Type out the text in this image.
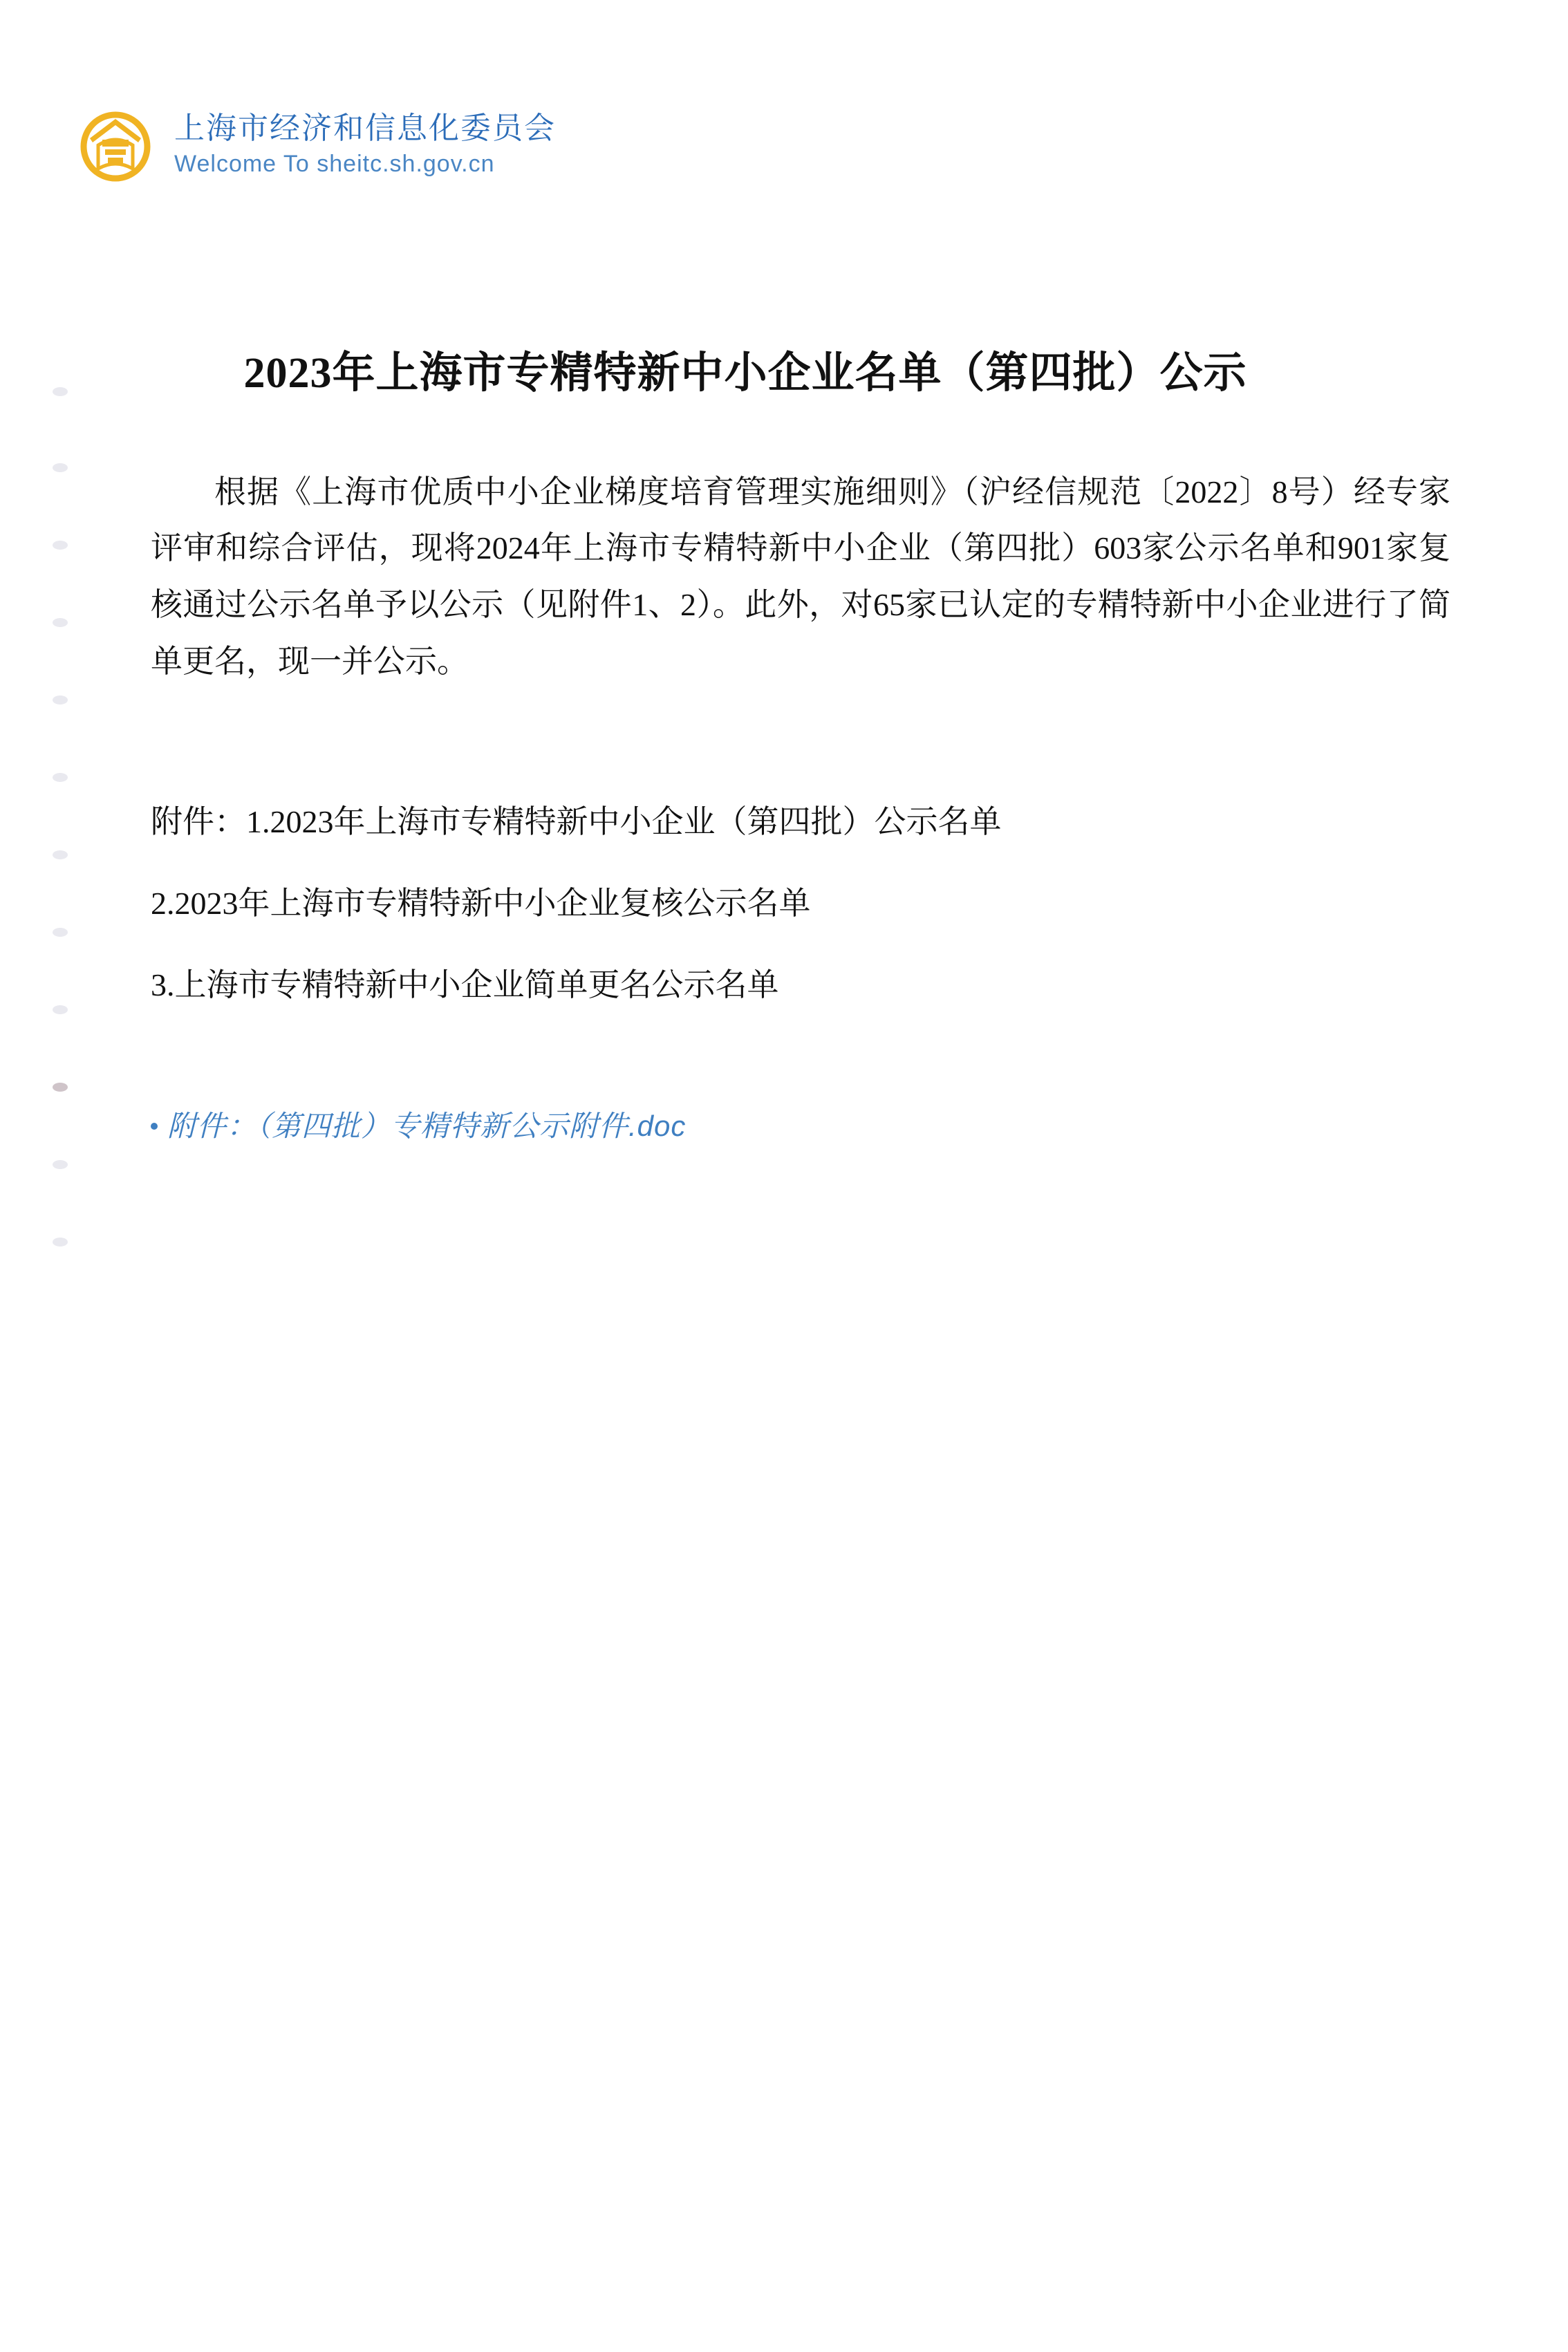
上海市经济和信息化委员会
Welcome To sheitc.sh.gov.cn
2023年上海市专精特新中小企业名单（第四批）公示

根据《上海市优质中小企业梯度培育管理实施细则》（沪经信规范〔2022〕8号）经专家评审和综合评估，现将2024年上海市专精特新中小企业（第四批）603家公示名单和901家复核通过公示名单予以公示（见附件1、2）。此外，对65家已认定的专精特新中小企业进行了简单更名，现一并公示。

附件：1.2023年上海市专精特新中小企业（第四批）公示名单

2.2023年上海市专精特新中小企业复核公示名单

3.上海市专精特新中小企业简单更名公示名单

附件：（第四批）专精特新公示附件.doc
